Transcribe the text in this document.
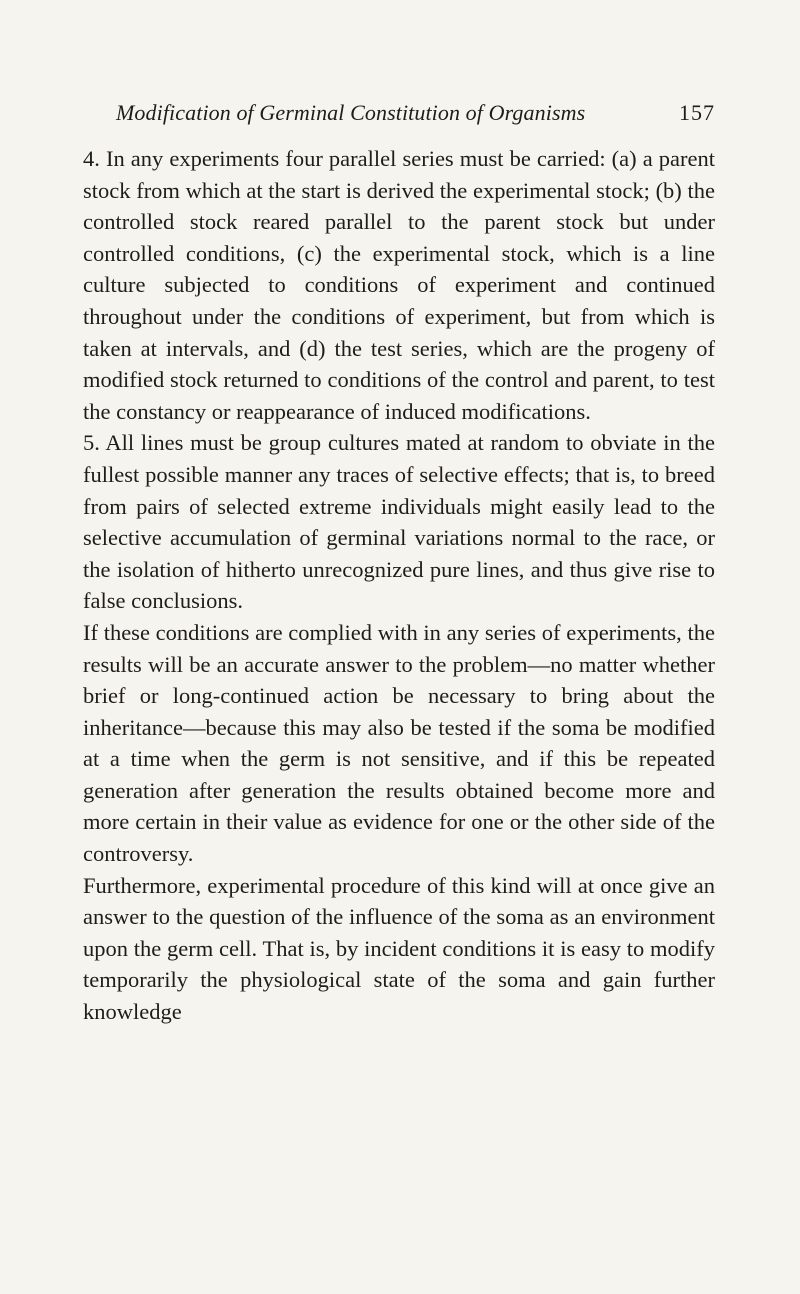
Modification of Germinal Constitution of Organisms	157

4. In any experiments four parallel series must be carried: (a) a parent stock from which at the start is derived the experimental stock; (b) the controlled stock reared parallel to the parent stock but under controlled conditions, (c) the experimental stock, which is a line culture subjected to conditions of experiment and continued throughout under the conditions of experiment, but from which is taken at intervals, and (d) the test series, which are the progeny of modified stock returned to conditions of the control and parent, to test the constancy or reappearance of induced modifications.

5. All lines must be group cultures mated at random to obviate in the fullest possible manner any traces of selective effects; that is, to breed from pairs of selected extreme individuals might easily lead to the selective accumulation of germinal variations normal to the race, or the isolation of hitherto unrecognized pure lines, and thus give rise to false conclusions.

If these conditions are complied with in any series of experiments, the results will be an accurate answer to the problem—no matter whether brief or long-continued action be necessary to bring about the inheritance—because this may also be tested if the soma be modified at a time when the germ is not sensitive, and if this be repeated generation after generation the results obtained become more and more certain in their value as evidence for one or the other side of the controversy.

Furthermore, experimental procedure of this kind will at once give an answer to the question of the influence of the soma as an environment upon the germ cell. That is, by incident conditions it is easy to modify temporarily the physiological state of the soma and gain further knowledge
